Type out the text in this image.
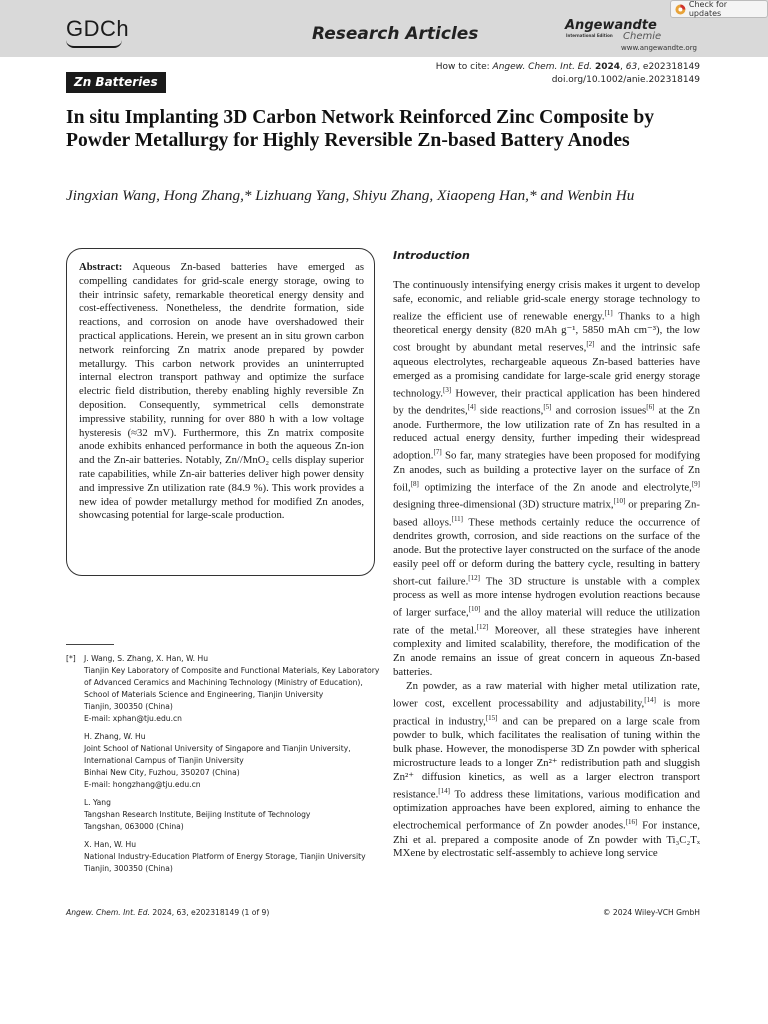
GDCh	Research Articles	Angewandte
International Edition Chemie
www.angewandte.org
Check for updates
How to cite: Angew. Chem. Int. Ed. 2024, 63, e202318149
doi.org/10.1002/anie.202318149
Zn Batteries
In situ Implanting 3D Carbon Network Reinforced Zinc Composite by Powder Metallurgy for Highly Reversible Zn-based Battery Anodes
Jingxian Wang, Hong Zhang,* Lizhuang Yang, Shiyu Zhang, Xiaopeng Han,* and Wenbin Hu

Abstract: Aqueous Zn-based batteries have emerged as compelling candidates for grid-scale energy storage, owing to their intrinsic safety, remarkable theoretical energy density and cost-effectiveness. Nonetheless, the dendrite formation, side reactions, and corrosion on anode have overshadowed their practical applications. Herein, we present an in situ grown carbon network reinforcing Zn matrix anode prepared by powder metallurgy. This carbon network provides an uninterrupted internal electron transport pathway and optimize the surface electric field distribution, thereby enabling highly reversible Zn deposition. Consequently, symmetrical cells demonstrate impressive stability, running for over 880 h with a low voltage hysteresis (≈32 mV). Furthermore, this Zn matrix composite anode exhibits enhanced performance in both the aqueous Zn-ion and the Zn-air batteries. Notably, Zn//MnO₂ cells display superior rate capabilities, while Zn-air batteries deliver high power density and impressive Zn utilization rate (84.9 %). This work provides a new idea of powder metallurgy method for modified Zn anodes, showcasing potential for large-scale production.

[*] J. Wang, S. Zhang, X. Han, W. Hu
Tianjin Key Laboratory of Composite and Functional Materials, Key Laboratory of Advanced Ceramics and Machining Technology (Ministry of Education), School of Materials Science and Engineering, Tianjin University
Tianjin, 300350 (China)
E-mail: xphan@tju.edu.cn
H. Zhang, W. Hu
Joint School of National University of Singapore and Tianjin University, International Campus of Tianjin University
Binhai New City, Fuzhou, 350207 (China)
E-mail: hongzhang@tju.edu.cn
L. Yang
Tangshan Research Institute, Beijing Institute of Technology
Tangshan, 063000 (China)
X. Han, W. Hu
National Industry-Education Platform of Energy Storage, Tianjin University
Tianjin, 300350 (China)
Introduction

The continuously intensifying energy crisis makes it urgent to develop safe, economic, and reliable grid-scale energy storage technology to realize the efficient use of renewable energy.[1] Thanks to a high theoretical energy density (820 mAh g⁻¹, 5850 mAh cm⁻³), the low cost brought by abundant metal reserves,[2] and the intrinsic safe aqueous electrolytes, rechargeable aqueous Zn-based batteries have emerged as a promising candidate for large-scale grid energy storage technology.[3] However, their practical application has been hindered by the dendrites,[4] side reactions,[5] and corrosion issues[6] at the Zn anode. Furthermore, the low utilization rate of Zn has resulted in a reduced actual energy density, further impeding their widespread adoption.[7] So far, many strategies have been proposed for modifying Zn anodes, such as building a protective layer on the surface of Zn foil,[8] optimizing the interface of the Zn anode and electrolyte,[9] designing three-dimensional (3D) structure matrix,[10] or preparing Zn-based alloys.[11] These methods certainly reduce the occurrence of dendrites growth, corrosion, and side reactions on the surface of the anode. But the protective layer constructed on the surface of the anode easily peel off or deform during the battery cycle, resulting in battery short-cut failure.[12] The 3D structure is unstable with a complex process as well as more intense hydrogen evolution reactions because of larger surface,[10] and the alloy material will reduce the utilization rate of the metal.[12] Moreover, all these strategies have inherent complexity and limited scalability, therefore, the modification of the Zn anode remains an issue of great concern in aqueous Zn-based batteries.

Zn powder, as a raw material with higher metal utilization rate, lower cost, excellent processability and adjustability,[14] is more practical in industry,[15] and can be prepared on a large scale from powder to bulk, which facilitates the realisation of tuning within the bulk phase. However, the monodisperse 3D Zn powder with spherical microstructure leads to a longer Zn²⁺ redistribution path and sluggish Zn²⁺ diffusion kinetics, as well as a larger electron transport resistance.[14] To address these limitations, various modification and optimization approaches have been explored, aiming to enhance the electrochemical performance of Zn powder anodes.[16] For instance, Zhi et al. prepared a composite anode of Zn powder with Ti₃C₂Tₓ MXene by electrostatic self-assembly to achieve long service

Angew. Chem. Int. Ed. 2024, 63, e202318149 (1 of 9)	© 2024 Wiley-VCH GmbH
